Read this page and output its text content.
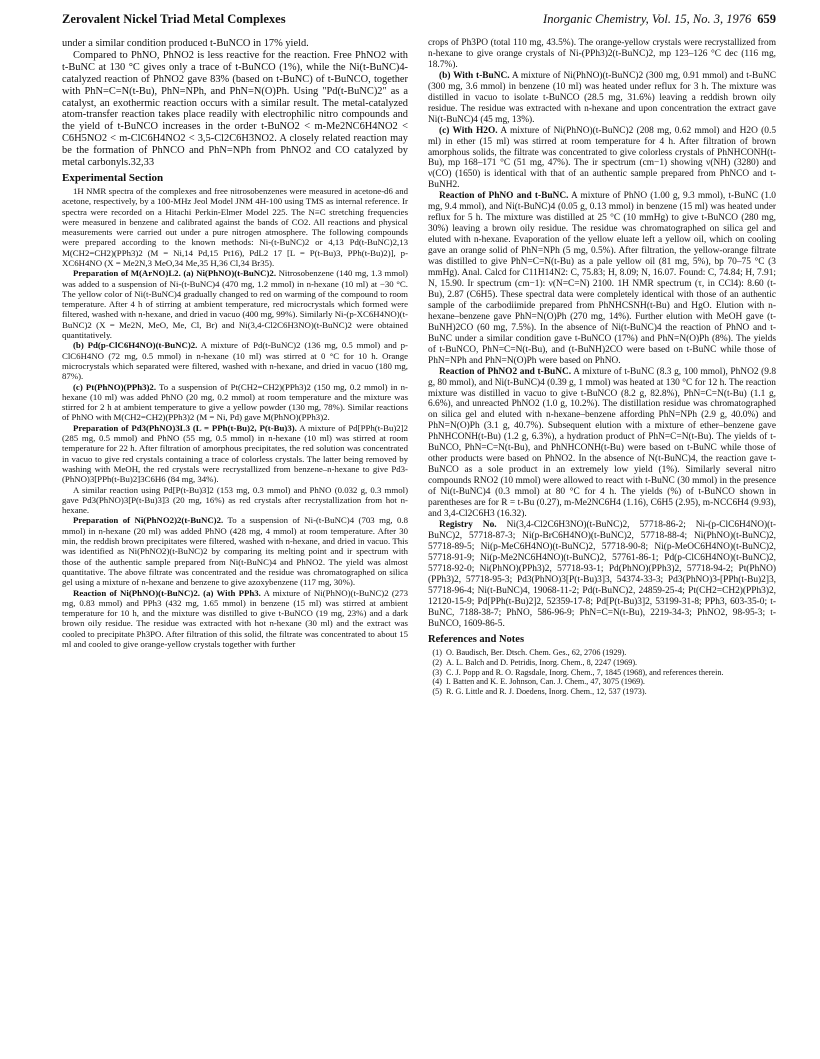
Zerovalent Nickel Triad Metal Complexes	Inorganic Chemistry, Vol. 15, No. 3, 1976 659

under a similar condition produced t-BuNCO in 17% yield.

Compared to PhNO, PhNO2 is less reactive for the reaction. Free PhNO2 with t-BuNC at 130 °C gives only a trace of t-BuNCO (1%), while the Ni(t-BuNC)4-catalyzed reaction of PhNO2 gave 83% (based on t-BuNC) of t-BuNCO, together with PhN=C=N(t-Bu), PhN=NPh, and PhN=N(O)Ph. Using "Pd(t-BuNC)2" as a catalyst, an exothermic reaction occurs with a similar result. The metal-catalyzed atom-transfer reaction takes place readily with electrophilic nitro compounds and the yield of t-BuNCO increases in the order t-BuNO2 < m-Me2NC6H4NO2 < C6H5NO2 < m-ClC6H4NO2 < 3,5-Cl2C6H3NO2. A closely related reaction may be the formation of PhNCO and PhN=NPh from PhNO2 and CO catalyzed by metal carbonyls.32,33

Experimental Section

1H NMR spectra of the complexes and free nitrosobenzenes were measured in acetone-d6 and acetone, respectively, by a 100-MHz Jeol Model JNM 4H-100 using TMS as internal reference. Ir spectra were recorded on a Hitachi Perkin-Elmer Model 225. The N≡C stretching frequencies were measured in benzene and calibrated against the bands of CO2. All reactions and physical measurements were carried out under a pure nitrogen atmosphere. The following compounds were prepared according to the known methods: Ni-(t-BuNC)2 or 4,13 Pd(t-BuNC)2,13 M(CH2=CH2)(PPh3)2 (M = Ni,14 Pd,15 Pt16), PdL2 17 [L = P(t-Bu)3, PPh(t-Bu)2)], p-XC6H4NO (X = Me2N,3 MeO,34 Me,35 H,36 Cl,34 Br35).

Preparation of M(ArNO)L2. (a) Ni(PhNO)(t-BuNC)2. Nitrosobenzene (140 mg, 1.3 mmol) was added to a suspension of Ni-(t-BuNC)4 (470 mg, 1.2 mmol) in n-hexane (10 ml) at −30 °C. The yellow color of Ni(t-BuNC)4 gradually changed to red on warming of the compound to room temperature. After 4 h of stirring at ambient temperature, red microcrystals which formed were filtered, washed with n-hexane, and dried in vacuo (400 mg, 99%). Similarly Ni-(p-XC6H4NO)(t-BuNC)2 (X = Me2N, MeO, Me, Cl, Br) and Ni(3,4-Cl2C6H3NO)(t-BuNC)2 were obtained quantitatively.

(b) Pd(p-ClC6H4NO)(t-BuNC)2. A mixture of Pd(t-BuNC)2 (136 mg, 0.5 mmol) and p-ClC6H4NO (72 mg, 0.5 mmol) in n-hexane (10 ml) was stirred at 0 °C for 10 h. Orange microcrystals which separated were filtered, washed with n-hexane, and dried in vacuo (180 mg, 87%).

(c) Pt(PhNO)(PPh3)2. To a suspension of Pt(CH2=CH2)(PPh3)2 (150 mg, 0.2 mmol) in n-hexane (10 ml) was added PhNO (20 mg, 0.2 mmol) at room temperature and the mixture was stirred for 2 h at ambient temperature to give a yellow powder (130 mg, 78%). Similar reactions of PhNO with M(CH2=CH2)(PPh3)2 (M = Ni, Pd) gave M(PhNO)(PPh3)2.

Preparation of Pd3(PhNO)3L3 (L = PPh(t-Bu)2, P(t-Bu)3). A mixture of Pd[PPh(t-Bu)2]2 (285 mg, 0.5 mmol) and PhNO (55 mg, 0.5 mmol) in n-hexane (10 ml) was stirred at room temperature for 22 h. After filtration of amorphous precipitates, the red solution was concentrated in vacuo to give red crystals containing a trace of colorless crystals. The latter being removed by washing with MeOH, the red crystals were recrystallized from benzene–n-hexane to give Pd3-(PhNO)3[PPh(t-Bu)2]3C6H6 (84 mg, 34%).

A similar reaction using Pd[P(t-Bu)3]2 (153 mg, 0.3 mmol) and PhNO (0.032 g, 0.3 mmol) gave Pd3(PhNO)3[P(t-Bu)3]3 (20 mg, 16%) as red crystals after recrystallization from hot n-hexane.

Preparation of Ni(PhNO2)2(t-BuNC)2. To a suspension of Ni-(t-BuNC)4 (703 mg, 0.8 mmol) in n-hexane (20 ml) was added PhNO (428 mg, 4 mmol) at room temperature. After 30 min, the reddish brown precipitates were filtered, washed with n-hexane, and dried in vacuo. This was identified as Ni(PhNO2)(t-BuNC)2 by comparing its melting point and ir spectrum with those of the authentic sample prepared from Ni(t-BuNC)4 and PhNO2. The yield was almost quantitative. The above filtrate was concentrated and the residue was chromatographed on silica gel using a mixture of n-hexane and benzene to give azoxybenzene (117 mg, 30%).

Reaction of Ni(PhNO)(t-BuNC)2. (a) With PPh3. A mixture of Ni(PhNO)(t-BuNC)2 (273 mg, 0.83 mmol) and PPh3 (432 mg, 1.65 mmol) in benzene (15 ml) was stirred at ambient temperature for 10 h, and the mixture was distilled to give t-BuNCO (19 mg, 23%) and a dark brown oily residue. The residue was extracted with hot n-hexane (30 ml) and the extract was cooled to precipitate Ph3PO. After filtration of this solid, the filtrate was concentrated to about 15 ml and cooled to give orange-yellow crystals together with further

crops of Ph3PO (total 110 mg, 43.5%). The orange-yellow crystals were recrystallized from n-hexane to give orange crystals of Ni-(PPh3)2(t-BuNC)2, mp 123–126 °C dec (116 mg, 18.7%).

(b) With t-BuNC. A mixture of Ni(PhNO)(t-BuNC)2 (300 mg, 0.91 mmol) and t-BuNC (300 mg, 3.6 mmol) in benzene (10 ml) was heated under reflux for 3 h. The mixture was distilled in vacuo to isolate t-BuNCO (28.5 mg, 31.6%) leaving a reddish brown oily residue. The residue was extracted with n-hexane and upon concentration the extract gave Ni(t-BuNC)4 (45 mg, 13%).

(c) With H2O. A mixture of Ni(PhNO)(t-BuNC)2 (208 mg, 0.62 mmol) and H2O (0.5 ml) in ether (15 ml) was stirred at room temperature for 4 h. After filtration of brown amorphous solids, the filtrate was concentrated to give colorless crystals of PhNHCONH(t-Bu), mp 168–171 °C (51 mg, 47%). The ir spectrum (cm−1) showing ν(NH) (3280) and ν(CO) (1650) is identical with that of an authentic sample prepared from PhNCO and t-BuNH2.

Reaction of PhNO and t-BuNC. A mixture of PhNO (1.00 g, 9.3 mmol), t-BuNC (1.0 mg, 9.4 mmol), and Ni(t-BuNC)4 (0.05 g, 0.13 mmol) in benzene (15 ml) was heated under reflux for 5 h. The mixture was distilled at 25 °C (10 mmHg) to give t-BuNCO (280 mg, 30%) leaving a brown oily residue. The residue was chromatographed on silica gel and eluted with n-hexane. Evaporation of the yellow eluate left a yellow oil, which on cooling gave an orange solid of PhN=NPh (5 mg, 0.5%). After filtration, the yellow-orange filtrate was distilled to give PhN=C=N(t-Bu) as a pale yellow oil (81 mg, 5%), bp 70–75 °C (3 mmHg). Anal. Calcd for C11H14N2: C, 75.83; H, 8.09; N, 16.07. Found: C, 74.84; H, 7.91; N, 15.90. Ir spectrum (cm−1): ν(N=C=N) 2100. 1H NMR spectrum (τ, in CCl4): 8.60 (t-Bu), 2.87 (C6H5). These spectral data were completely identical with those of an authentic sample of the carbodiimide prepared from PhNHCSNH(t-Bu) and HgO. Elution with n-hexane–benzene gave PhN=N(O)Ph (270 mg, 14%). Further elution with MeOH gave (t-BuNH)2CO (60 mg, 7.5%). In the absence of Ni(t-BuNC)4 the reaction of PhNO and t-BuNC under a similar condition gave t-BuNCO (17%) and PhN=N(O)Ph (8%). The yields of t-BuNCO, PhN=C=N(t-Bu), and (t-BuNH)2CO were based on t-BuNC while those of PhN=NPh and PhN=N(O)Ph were based on PhNO.

Reaction of PhNO2 and t-BuNC. A mixture of t-BuNC (8.3 g, 100 mmol), PhNO2 (9.8 g, 80 mmol), and Ni(t-BuNC)4 (0.39 g, 1 mmol) was heated at 130 °C for 12 h. The reaction mixture was distilled in vacuo to give t-BuNCO (8.2 g, 82.8%), PhN=C=N(t-Bu) (1.1 g, 6.6%), and unreacted PhNO2 (1.0 g, 10.2%). The distillation residue was chromatographed on silica gel and eluted with n-hexane–benzene affording PhN=NPh (2.9 g, 40.0%) and PhN=N(O)Ph (3.1 g, 40.7%). Subsequent elution with a mixture of ether–benzene gave PhNHCONH(t-Bu) (1.2 g, 6.3%), a hydration product of PhN=C=N(t-Bu). The yields of t-BuNCO, PhN=C=N(t-Bu), and PhNHCONH(t-Bu) were based on t-BuNC while those of other products were based on PhNO2. In the absence of N(t-BuNC)4, the reaction gave t-BuNCO as a sole product in an extremely low yield (1%). Similarly several nitro compounds RNO2 (10 mmol) were allowed to react with t-BuNC (30 mmol) in the presence of Ni(t-BuNC)4 (0.3 mmol) at 80 °C for 4 h. The yields (%) of t-BuNCO shown in parentheses are for R = t-Bu (0.27), m-Me2NC6H4 (1.16), C6H5 (2.95), m-NCC6H4 (9.93), and 3,4-Cl2C6H3 (16.32).

Registry No. Ni(3,4-Cl2C6H3NO)(t-BuNC)2, 57718-86-2; Ni-(p-ClC6H4NO)(t-BuNC)2, 57718-87-3; Ni(p-BrC6H4NO)(t-BuNC)2, 57718-88-4; Ni(PhNO)(t-BuNC)2, 57718-89-5; Ni(p-MeC6H4NO)(t-BuNC)2, 57718-90-8; Ni(p-MeOC6H4NO)(t-BuNC)2, 57718-91-9; Ni(p-Me2NC6H4NO)(t-BuNC)2, 57761-86-1; Pd(p-ClC6H4NO)(t-BuNC)2, 57718-92-0; Ni(PhNO)(PPh3)2, 57718-93-1; Pd(PhNO)(PPh3)2, 57718-94-2; Pt(PhNO)(PPh3)2, 57718-95-3; Pd3(PhNO)3[P(t-Bu)3]3, 54374-33-3; Pd3(PhNO)3-[PPh(t-Bu)2]3, 57718-96-4; Ni(t-BuNC)4, 19068-11-2; Pd(t-BuNC)2, 24859-25-4; Pt(CH2=CH2)(PPh3)2, 12120-15-9; Pd[PPh(t-Bu)2]2, 52359-17-8; Pd[P(t-Bu)3]2, 53199-31-8; PPh3, 603-35-0; t-BuNC, 7188-38-7; PhNO, 586-96-9; PhN=C=N(t-Bu), 2219-34-3; PhNO2, 98-95-3; t-BuNCO, 1609-86-5.

References and Notes
1. O. Baudisch, Ber. Dtsch. Chem. Ges., 62, 2706 (1929).
2. A. L. Balch and D. Petridis, Inorg. Chem., 8, 2247 (1969).
3. C. J. Popp and R. O. Ragsdale, Inorg. Chem., 7, 1845 (1968), and references therein.
4. I. Batten and K. E. Johnson, Can. J. Chem., 47, 3075 (1969).
5. R. G. Little and R. J. Doedens, Inorg. Chem., 12, 537 (1973).
